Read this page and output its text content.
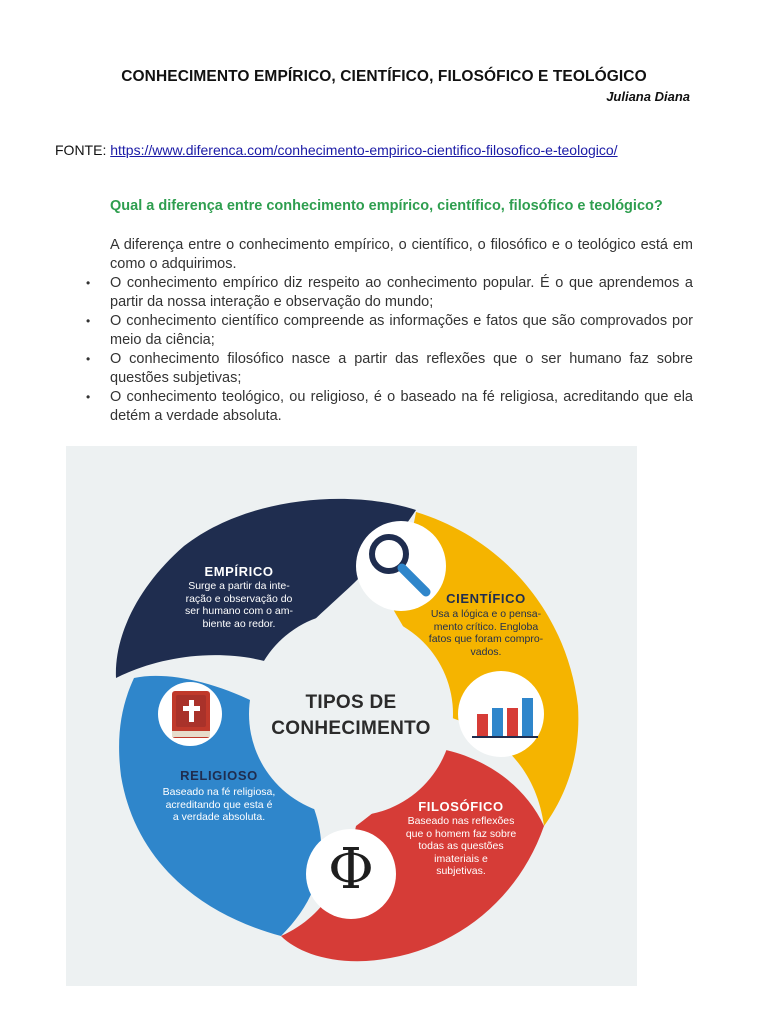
CONHECIMENTO EMPÍRICO, CIENTÍFICO, FILOSÓFICO E TEOLÓGICO
Juliana Diana
FONTE: https://www.diferenca.com/conhecimento-empirico-cientifico-filosofico-e-teologico/
Qual a diferença entre conhecimento empírico, científico, filosófico e teológico?
A diferença entre o conhecimento empírico, o científico, o filosófico e o teológico está em como o adquirimos.
• O conhecimento empírico diz respeito ao conhecimento popular. É o que aprendemos a partir da nossa interação e observação do mundo;
• O conhecimento científico compreende as informações e fatos que são comprovados por meio da ciência;
• O conhecimento filosófico nasce a partir das reflexões que o ser humano faz sobre questões subjetivas;
• O conhecimento teológico, ou religioso, é o baseado na fé religiosa, acreditando que ela detém a verdade absoluta.
EMPÍRICO
Surge a partir da inte-
ração e observação do
ser humano com o am-
biente ao redor.
CIENTÍFICO
Usa a lógica e o pensa-
mento crítico. Engloba
fatos que foram compro-
vados.
TIPOS DE
CONHECIMENTO
RELIGIOSO
Baseado na fé religiosa,
acreditando que esta é
a verdade absoluta.
FILOSÓFICO
Baseado nas reflexões
que o homem faz sobre
todas as questões
imateriais e
subjetivas.
Φ
